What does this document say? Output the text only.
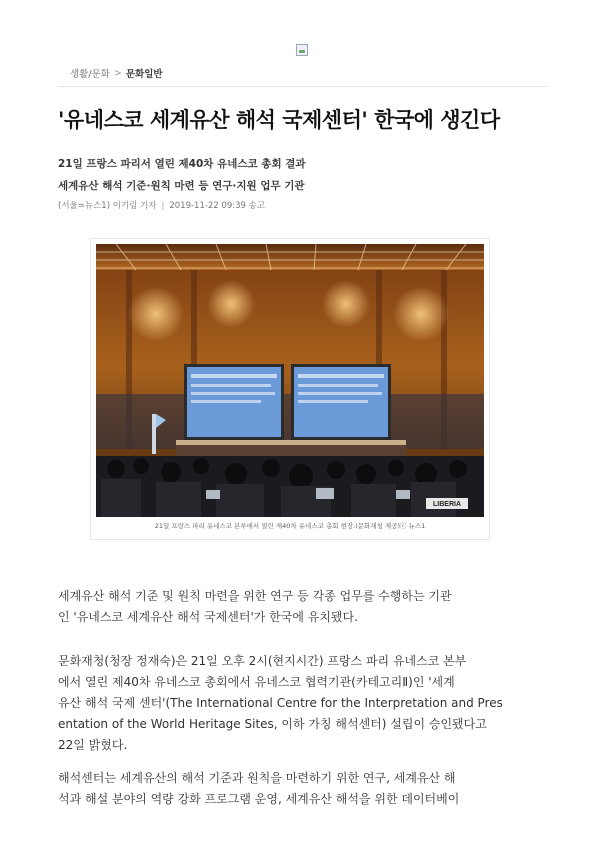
생활/문화 > 문화일반
'유네스코 세계유산 해석 국제센터' 한국에 생긴다
21일 프랑스 파리서 열린 제40차 유네스코 총회 결과
세계유산 해석 기준·원칙 마련 등 연구·지원 업무 기관
(서울=뉴스1) 이기림 기자 | 2019-11-22 09:39 송고
LIBERIA
21일 프랑스 파리 유네스코 본부에서 열린 제40차 유네스코 총회 현장.(문화재청 제공)ⓒ 뉴스1
세계유산 해석 기준 및 원칙 마련을 위한 연구 등 각종 업무를 수행하는 기관
인 '유네스코 세계유산 해석 국제센터'가 한국에 유치됐다.
문화재청(청장 정재숙)은 21일 오후 2시(현지시간) 프랑스 파리 유네스코 본부
에서 열린 제40차 유네스코 총회에서 유네스코 협력기관(카테고리Ⅱ)인 '세계
유산 해석 국제 센터'(The International Centre for the Interpretation and Pres
entation of the World Heritage Sites, 이하 가칭 해석센터) 설립이 승인됐다고
22일 밝혔다.
해석센터는 세계유산의 해석 기준과 원칙을 마련하기 위한 연구, 세계유산 해
석과 해설 분야의 역량 강화 프로그램 운영, 세계유산 해석을 위한 데이터베이
